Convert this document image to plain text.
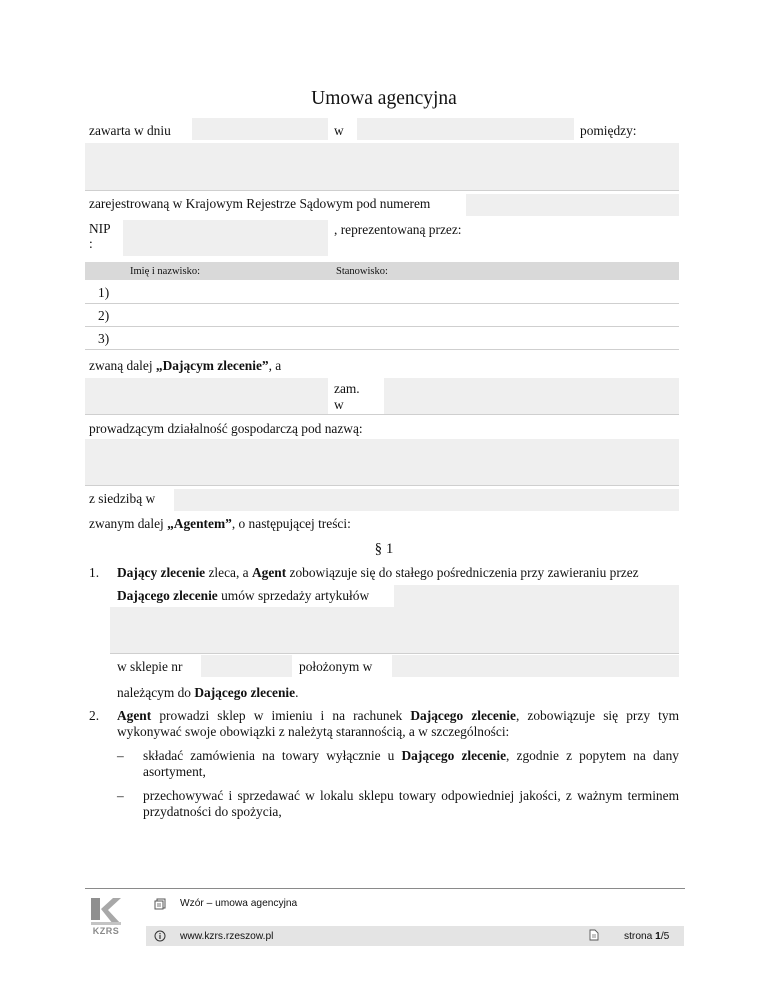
Umowa agencyjna
zawarta w dniu	w	pomiędzy:
zarejestrowaną w Krajowym Rejestrze Sądowym pod numerem
NIP
:
, reprezentowaną przez:
Imię i nazwisko:	Stanowisko:
1)
2)
3)
zwaną dalej „Dającym zlecenie”, a
zam.
w
prowadzącym działalność gospodarczą pod nazwą:
z siedzibą w
zwanym dalej „Agentem”, o następującej treści:
§ 1
1. Dający zlecenie zleca, a Agent zobowiązuje się do stałego pośredniczenia przy zawieraniu przez
Dającego zlecenie umów sprzedaży artykułów
w sklepie nr	położonym w
należącym do Dającego zlecenie.
2. Agent prowadzi sklep w imieniu i na rachunek Dającego zlecenie, zobowiązuje się przy tym wykonywać swoje obowiązki z należytą starannością, a w szczególności:
– składać zamówienia na towary wyłącznie u Dającego zlecenie, zgodnie z popytem na dany asortyment,
– przechowywać i sprzedawać w lokalu sklepu towary odpowiedniej jakości, z ważnym terminem przydatności do spożycia,
KZRS
Wzór – umowa agencyjna
www.kzrs.rzeszow.pl	strona 1/5
